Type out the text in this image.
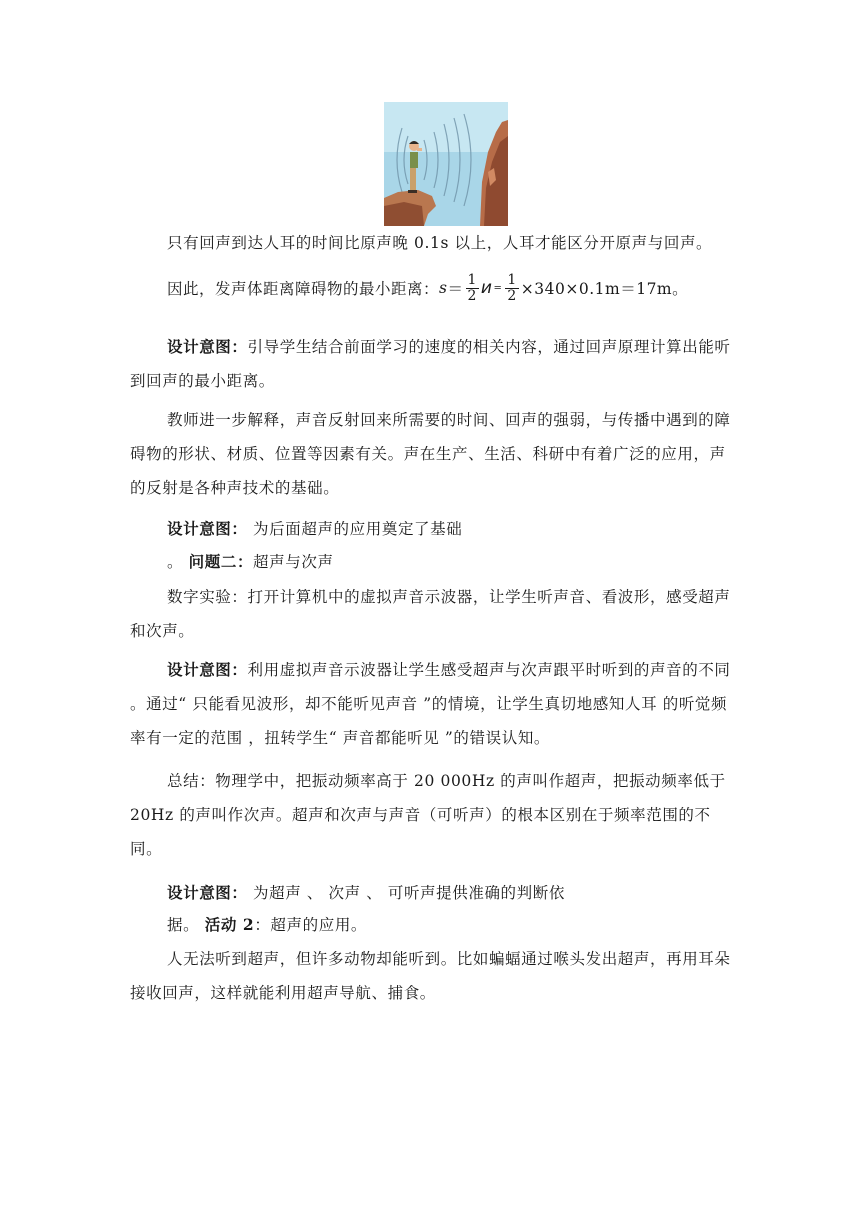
只有回声到达人耳的时间比原声晚 0.1s 以上，人耳才能区分开原声与回声。

因此，发声体距离障碍物的最小距离： $s = \frac{1}{2}$ $и = \frac{1}{2} \times 340\times 0.1m=17m$。

设计意图：引导学生结合前面学习的速度的相关内容，通过回声原理计算出能听到回声的最小距离。

教师进一步解释，声音反射回来所需要的时间、回声的强弱，与传播中遇到的障碍物的形状、材质、位置等因素有关。声在生产、生活、科研中有着广泛的应用，声的反射是各种声技术的基础。

设计意图： 为后面超声的应用奠定了基础

。 问题二：超声与次声

数字实验：打开计算机中的虚拟声音示波器，让学生听声音、看波形，感受超声和次声。

设计意图：利用虚拟声音示波器让学生感受超声与次声跟平时听到的声音的不同 。通过“ 只能看见波形，却不能听见声音 ”的情境，让学生真切地感知人耳 的听觉频率有一定的范围 ，扭转学生“ 声音都能听见 ”的错误认知。

总结：物理学中，把振动频率高于 20 000Hz 的声叫作超声，把振动频率低于 20Hz 的声叫作次声。超声和次声与声音（可听声）的根本区别在于频率范围的不同。

设计意图： 为超声 、 次声 、 可听声提供准确的判断依

据。 活动 2：超声的应用。

人无法听到超声，但许多动物却能听到。比如蝙蝠通过喉头发出超声，再用耳朵接收回声，这样就能利用超声导航、捕食。
